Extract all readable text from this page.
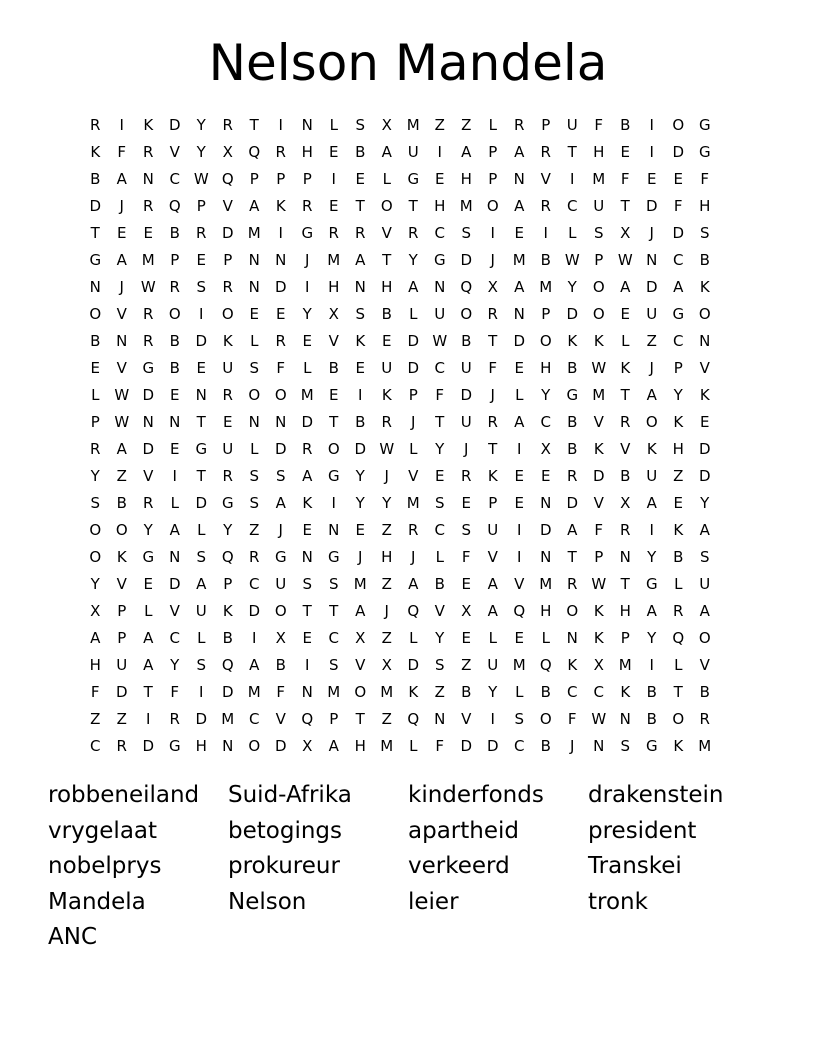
Nelson Mandela
R	I	K	D	Y	R	T	I	N	L	S	X M Z	Z	L	R	P	U	F	B	I	O G
K	F	R	V	Y	X	Q	R	H	E	B	A	U	I	A	P	A	R	T	H	E	I	D G
B	A	N	C W Q	P	P	P	I	E	L	G	E	H	P	N	V	I	M	F	E	E	F
D	J	R	Q	P	V	A	K	R	E	T	O	T	H M O	A	R	C	U	T	D	F	H
T	E	E	B	R	D M	I	G	R	R	V	R	C	S	I	E	I	L	S	X	J	D	S
G	A M	P	E	P	N	N	J	M A	T	Y	G D	J	M B W P W N	C	B
N	J	W R	S	R	N	D	I	H	N	H	A	N Q	X	A M	Y	O	A	D	A	K
O	V	R	O	I	O	E	E	Y	X	S	B	L	U	O	R	N	P	D O	E	U	G O
B	N	R	B	D	K	L	R	E	V	K	E	D W B	T	D O	K	K	L	Z	C	N
E	V	G	B	E	U	S	F	L	B	E	U	D	C	U	F	E	H	B W K	J	P	V
L W D	E	N	R	O O M	E	I	K	P	F	D	J	L	Y	G M	T	A	Y	K
P W N	N	T	E	N	N	D	T	B	R	J	T	U	R	A	C	B	V	R	O	K	E
R	A	D	E	G	U	L	D	R	O D W L	Y	J	T	I	X	B	K	V	K	H	D
Y	Z	V	I	T	R	S	S	A	G	Y	J	V	E	R	K	E	E	R	D	B	U	Z	D
S	B	R	L	D G	S	A	K	I	Y	Y	M	S	E	P	E	N	D	V	X	A	E	Y
O O	Y	A	L	Y	Z	J	E	N	E	Z	R	C	S	U	I	D	A	F	R	I	K	A
O	K	G	N	S	Q	R	G	N	G	J	H	J	L	F	V	I	N	T	P	N	Y	B	S
Y	V	E	D	A	P	C	U	S	S	M Z	A	B	E	A	V M R W T	G	L	U
X	P	L	V	U	K	D O	T	T	A	J	Q	V	X	A	Q H O	K	H	A	R	A
A	P	A	C	L	B	I	X	E	C	X	Z	L	Y	E	L	E	L	N	K	P	Y	Q O
H	U	A	Y	S	Q	A	B	I	S	V	X	D	S	Z	U M Q	K	X M	I	L	V
F	D	T	F	I	D M	F	N M O M	K	Z	B	Y	L	B	C	C	K	B	T	B
Z	Z	I	R	D M C	V	Q	P	T	Z	Q N	V	I	S	O	F W N	B	O	R
C	R	D G	H	N O D	X	A	H M	L	F	D D	C	B	J	N	S	G	K	M
robbeneiland	Suid-Afrika	kinderfonds	drakenstein
vrygelaat	betogings	apartheid	president
nobelprys	prokureur	verkeerd	Transkei
Mandela	Nelson	leier	tronk
ANC
